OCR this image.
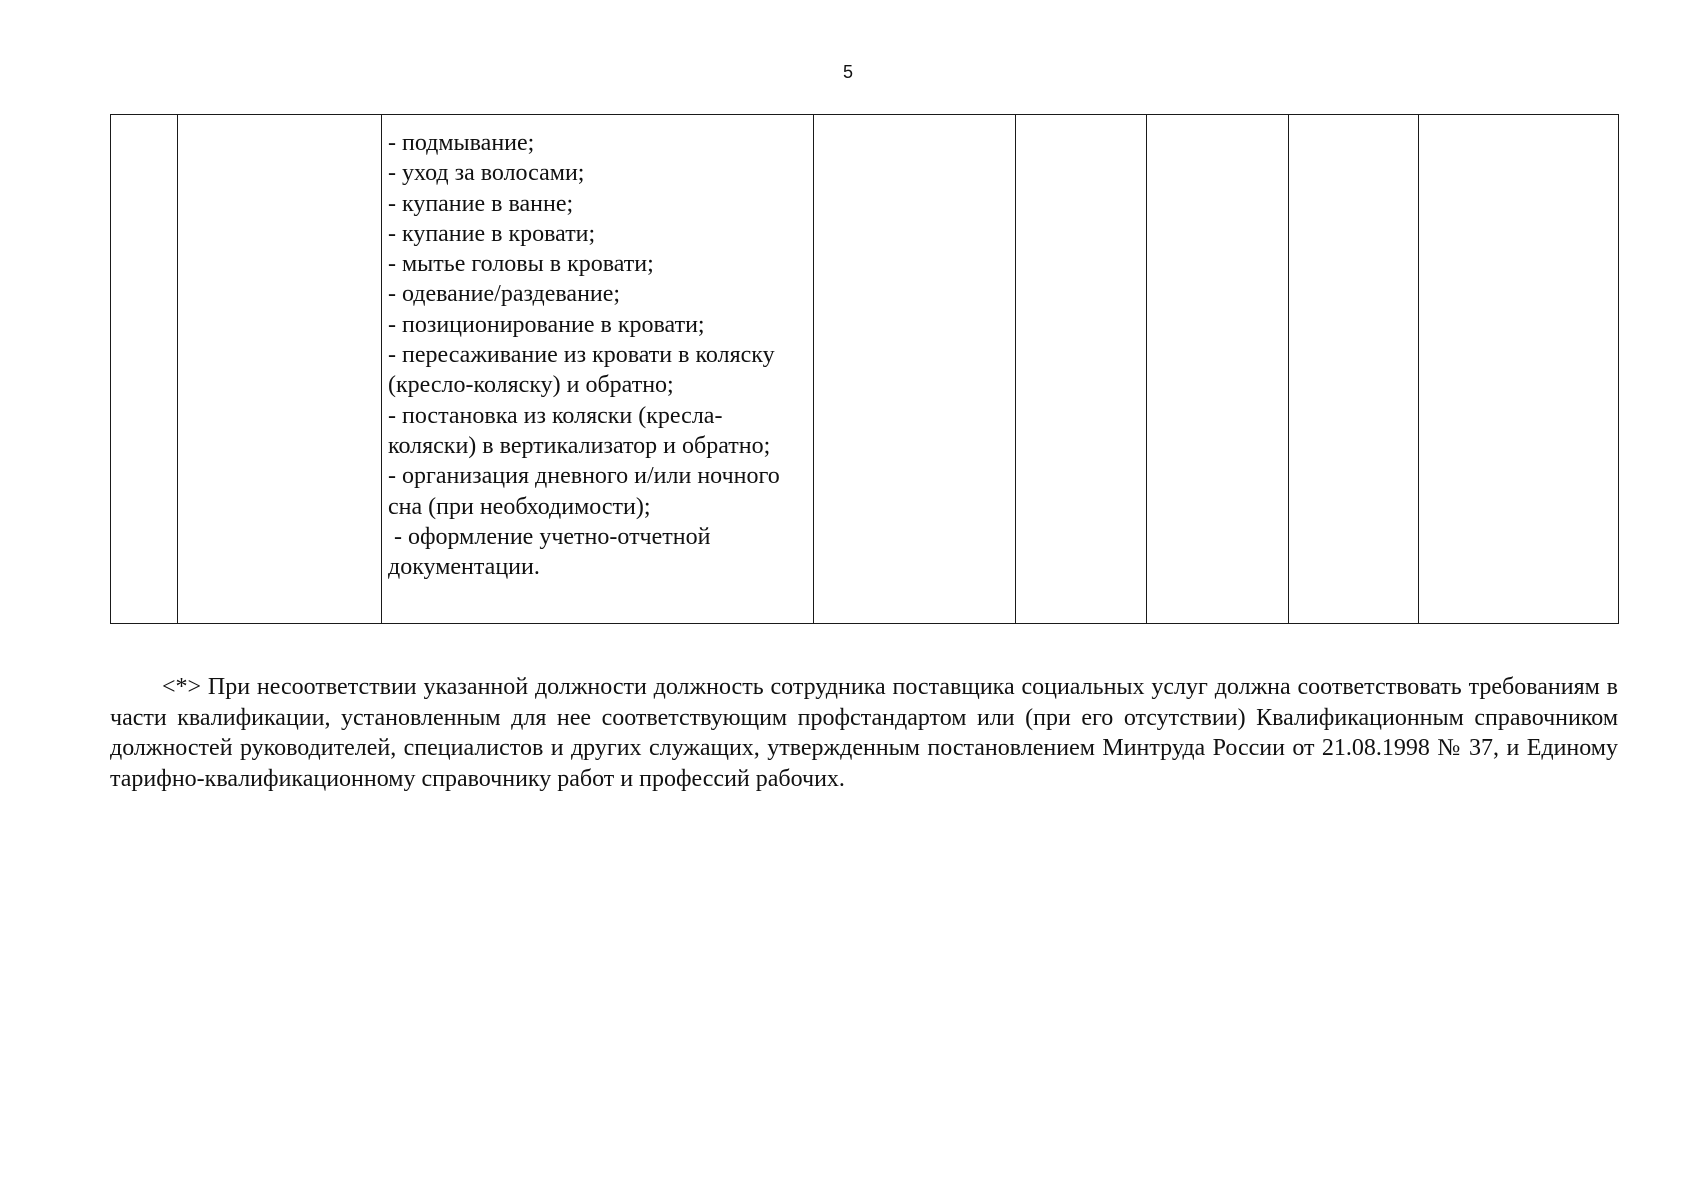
5

- подмывание;
- уход за волосами;
- купание в ванне;
- купание в кровати;
- мытье головы в кровати;
- одевание/раздевание;
- позиционирование в кровати;
- пересаживание из кровати в коляску (кресло-коляску) и обратно;
- постановка из коляски (кресла-коляски) в вертикализатор и обратно;
- организация дневного и/или ночного сна (при необходимости);
- оформление учетно-отчетной документации.

<*> При несоответствии указанной должности должность сотрудника поставщика социальных услуг должна соответствовать требованиям в части квалификации, установленным для нее соответствующим профстандартом или (при его отсутствии) Квалификационным справочником должностей руководителей, специалистов и других служащих, утвержденным постановлением Минтруда России от 21.08.1998 № 37, и Единому тарифно-квалификационному справочнику работ и профессий рабочих.
